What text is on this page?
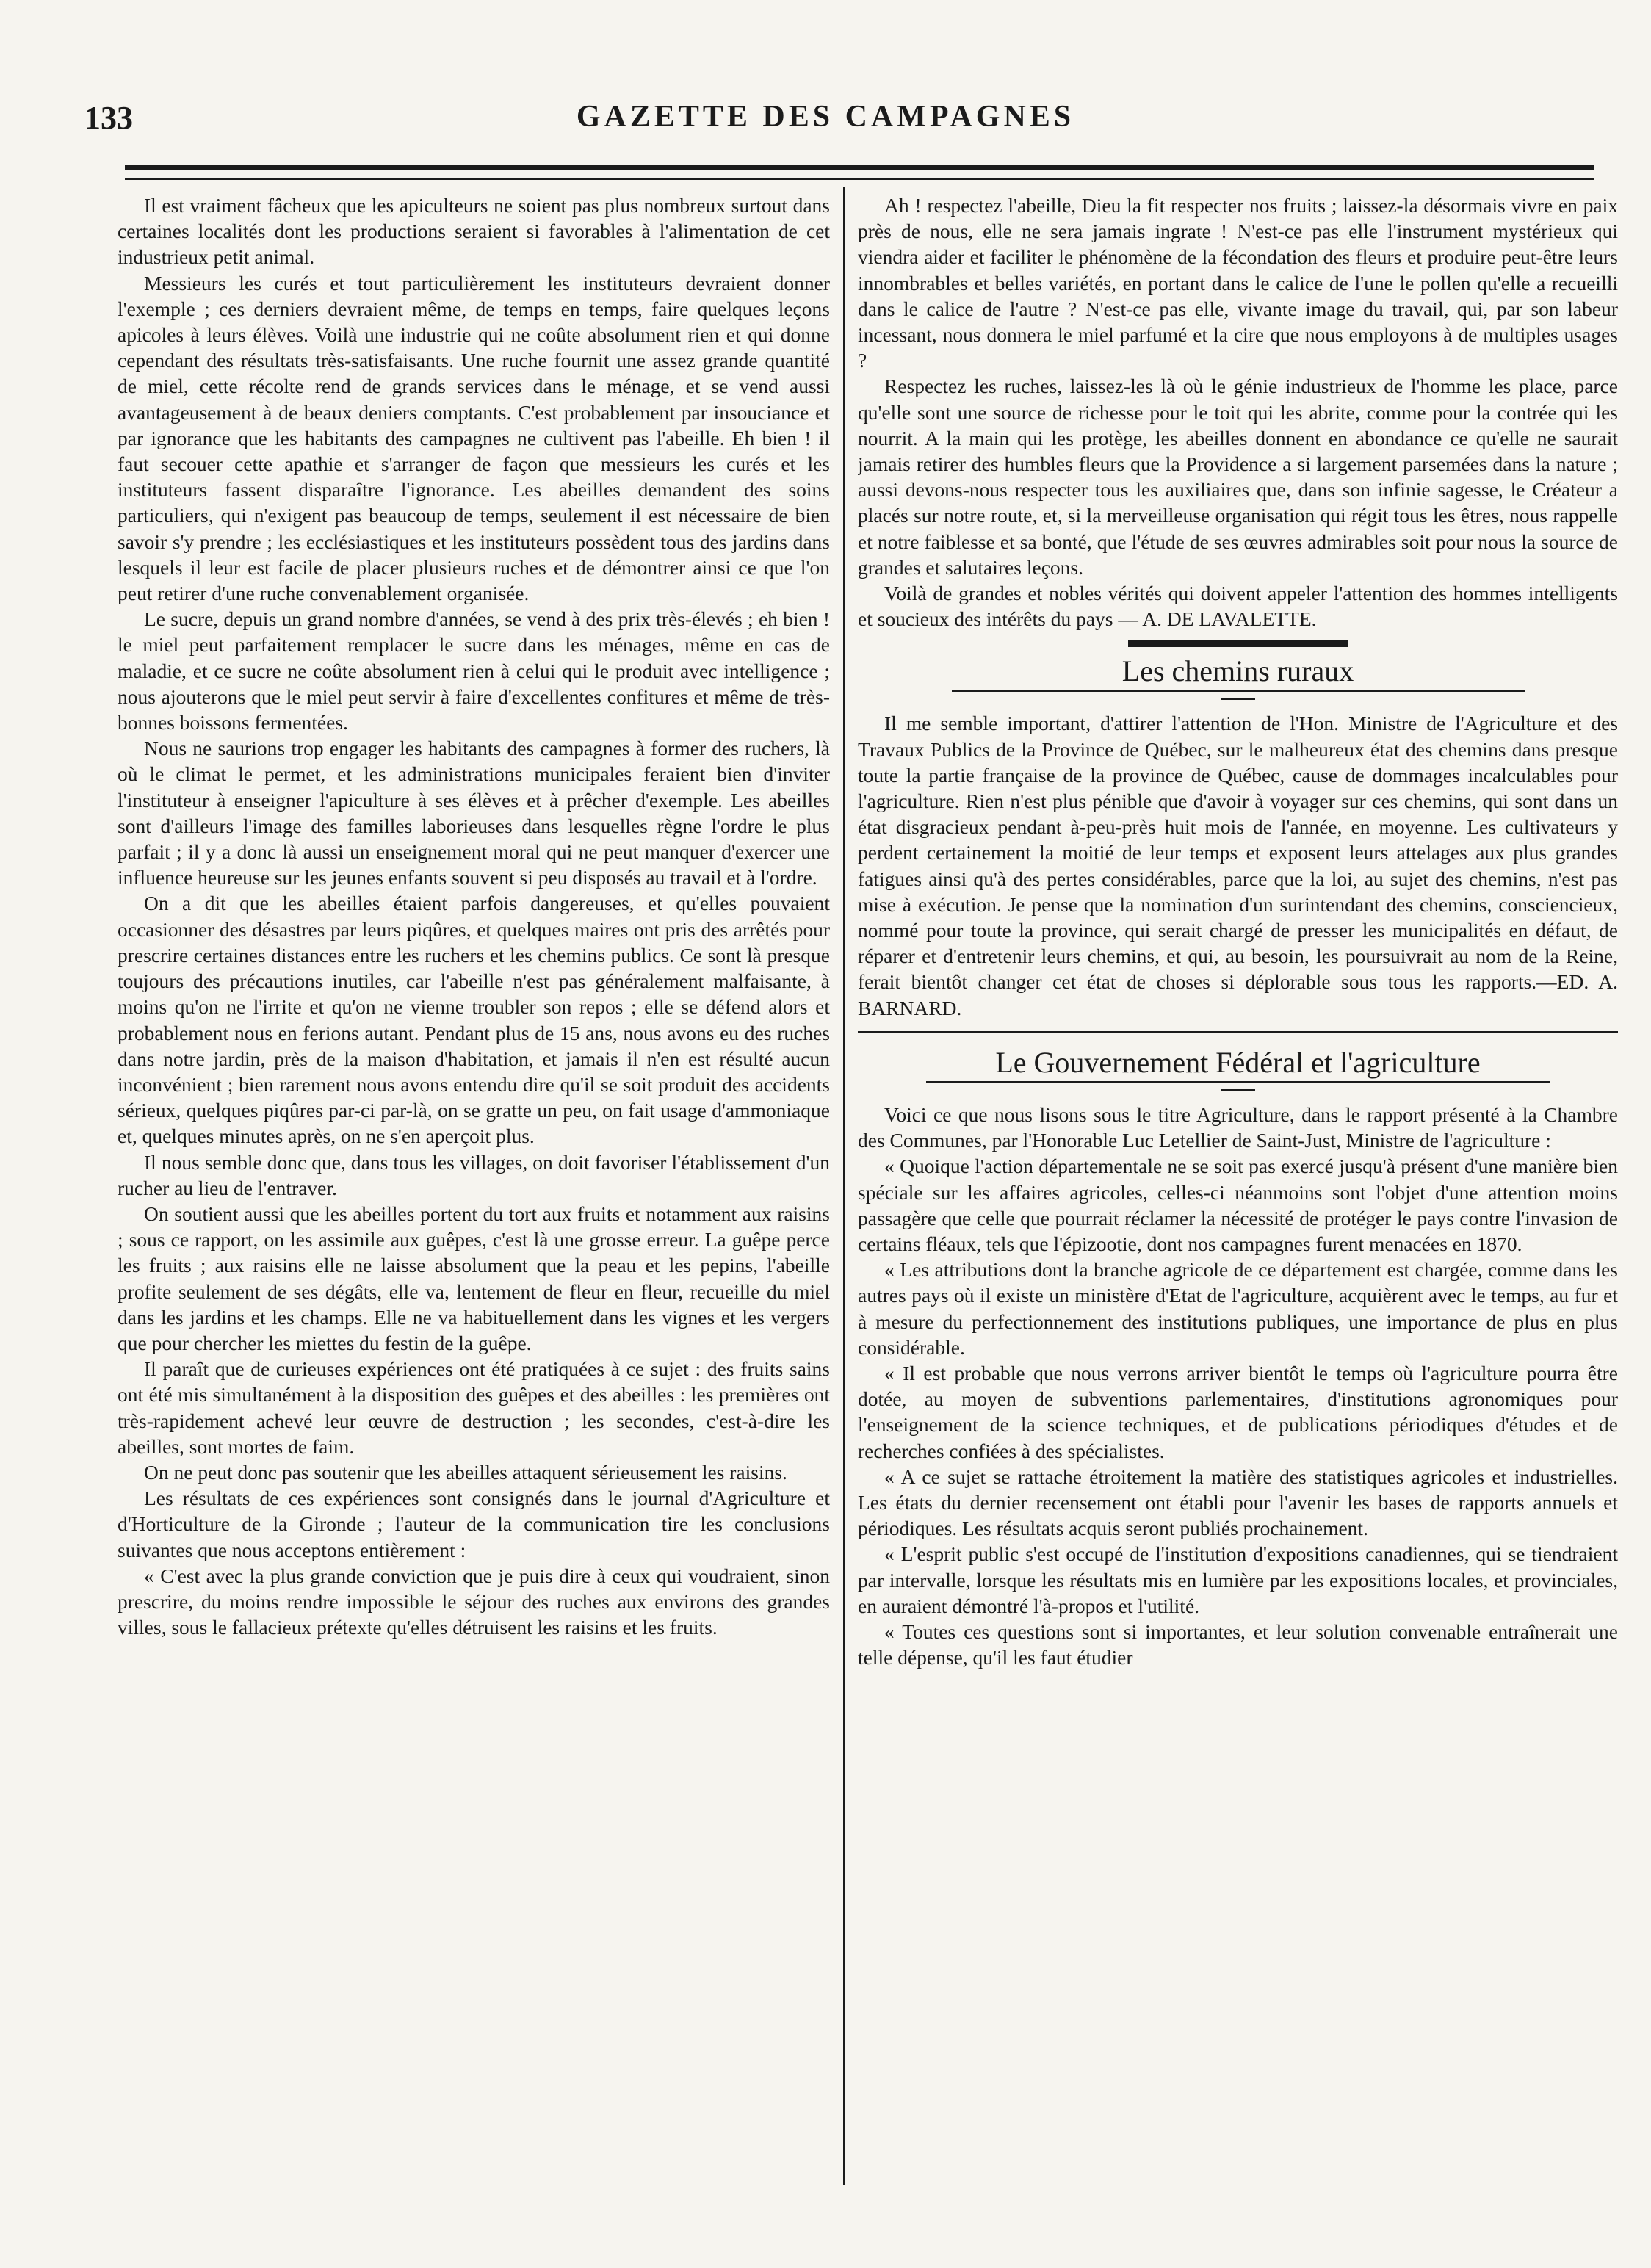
133	GAZETTE DES CAMPAGNES

Il est vraiment fâcheux que les apiculteurs ne soient pas plus nombreux surtout dans certaines localités dont les productions seraient si favorables à l'alimentation de cet industrieux petit animal.

Messieurs les curés et tout particulièrement les instituteurs devraient donner l'exemple ; ces derniers devraient même, de temps en temps, faire quelques leçons apicoles à leurs élèves. Voilà une industrie qui ne coûte absolument rien et qui donne cependant des résultats très-satisfaisants. Une ruche fournit une assez grande quantité de miel, cette récolte rend de grands services dans le ménage, et se vend aussi avantageusement à de beaux deniers comptants. C'est probablement par insouciance et par ignorance que les habitants des campagnes ne cultivent pas l'abeille. Eh bien ! il faut secouer cette apathie et s'arranger de façon que messieurs les curés et les instituteurs fassent disparaître l'ignorance. Les abeilles demandent des soins particuliers, qui n'exigent pas beaucoup de temps, seulement il est nécessaire de bien savoir s'y prendre ; les ecclésiastiques et les instituteurs possèdent tous des jardins dans lesquels il leur est facile de placer plusieurs ruches et de démontrer ainsi ce que l'on peut retirer d'une ruche convenablement organisée.

Le sucre, depuis un grand nombre d'années, se vend à des prix très-élevés ; eh bien ! le miel peut parfaitement remplacer le sucre dans les ménages, même en cas de maladie, et ce sucre ne coûte absolument rien à celui qui le produit avec intelligence ; nous ajouterons que le miel peut servir à faire d'excellentes confitures et même de très-bonnes boissons fermentées.

Nous ne saurions trop engager les habitants des campagnes à former des ruchers, là où le climat le permet, et les administrations municipales feraient bien d'inviter l'instituteur à enseigner l'apiculture à ses élèves et à prêcher d'exemple. Les abeilles sont d'ailleurs l'image des familles laborieuses dans lesquelles règne l'ordre le plus parfait ; il y a donc là aussi un enseignement moral qui ne peut manquer d'exercer une influence heureuse sur les jeunes enfants souvent si peu disposés au travail et à l'ordre.

On a dit que les abeilles étaient parfois dangereuses, et qu'elles pouvaient occasionner des désastres par leurs piqûres, et quelques maires ont pris des arrêtés pour prescrire certaines distances entre les ruchers et les chemins publics. Ce sont là presque toujours des précautions inutiles, car l'abeille n'est pas généralement malfaisante, à moins qu'on ne l'irrite et qu'on ne vienne troubler son repos ; elle se défend alors et probablement nous en ferions autant. Pendant plus de 15 ans, nous avons eu des ruches dans notre jardin, près de la maison d'habitation, et jamais il n'en est résulté aucun inconvénient ; bien rarement nous avons entendu dire qu'il se soit produit des accidents sérieux, quelques piqûres par-ci par-là, on se gratte un peu, on fait usage d'ammoniaque et, quelques minutes après, on ne s'en aperçoit plus.

Il nous semble donc que, dans tous les villages, on doit favoriser l'établissement d'un rucher au lieu de l'entraver.

On soutient aussi que les abeilles portent du tort aux fruits et notamment aux raisins ; sous ce rapport, on les assimile aux guêpes, c'est là une grosse erreur. La guêpe perce les fruits ; aux raisins elle ne laisse absolument que la peau et les pepins, l'abeille profite seulement de ses dégâts, elle va, lentement de fleur en fleur, recueille du miel dans les jardins et les champs. Elle ne va habituellement dans les vignes et les vergers que pour chercher les miettes du festin de la guêpe.

Il paraît que de curieuses expériences ont été pratiquées à ce sujet : des fruits sains ont été mis simultanément à la disposition des guêpes et des abeilles : les premières ont très-rapidement achevé leur œuvre de destruction ; les secondes, c'est-à-dire les abeilles, sont mortes de faim.

On ne peut donc pas soutenir que les abeilles attaquent sérieusement les raisins.

Les résultats de ces expériences sont consignés dans le journal d'Agriculture et d'Horticulture de la Gironde ; l'auteur de la communication tire les conclusions suivantes que nous acceptons entièrement :

« C'est avec la plus grande conviction que je puis dire à ceux qui voudraient, sinon prescrire, du moins rendre impossible le séjour des ruches aux environs des grandes villes, sous le fallacieux prétexte qu'elles détruisent les raisins et les fruits.

Ah ! respectez l'abeille, Dieu la fit respecter nos fruits ; laissez-la désormais vivre en paix près de nous, elle ne sera jamais ingrate ! N'est-ce pas elle l'instrument mystérieux qui viendra aider et faciliter le phénomène de la fécondation des fleurs et produire peut-être leurs innombrables et belles variétés, en portant dans le calice de l'une le pollen qu'elle a recueilli dans le calice de l'autre ? N'est-ce pas elle, vivante image du travail, qui, par son labeur incessant, nous donnera le miel parfumé et la cire que nous employons à de multiples usages ?

Respectez les ruches, laissez-les là où le génie industrieux de l'homme les place, parce qu'elle sont une source de richesse pour le toit qui les abrite, comme pour la contrée qui les nourrit. A la main qui les protège, les abeilles donnent en abondance ce qu'elle ne saurait jamais retirer des humbles fleurs que la Providence a si largement parsemées dans la nature ; aussi devons-nous respecter tous les auxiliaires que, dans son infinie sagesse, le Créateur a placés sur notre route, et, si la merveilleuse organisation qui régit tous les êtres, nous rappelle et notre faiblesse et sa bonté, que l'étude de ses œuvres admirables soit pour nous la source de grandes et salutaires leçons.

Voilà de grandes et nobles vérités qui doivent appeler l'attention des hommes intelligents et soucieux des intérêts du pays — A. DE LAVALETTE.

Les chemins ruraux

Il me semble important, d'attirer l'attention de l'Hon. Ministre de l'Agriculture et des Travaux Publics de la Province de Québec, sur le malheureux état des chemins dans presque toute la partie française de la province de Québec, cause de dommages incalculables pour l'agriculture. Rien n'est plus pénible que d'avoir à voyager sur ces chemins, qui sont dans un état disgracieux pendant à-peu-près huit mois de l'année, en moyenne. Les cultivateurs y perdent certainement la moitié de leur temps et exposent leurs attelages aux plus grandes fatigues ainsi qu'à des pertes considérables, parce que la loi, au sujet des chemins, n'est pas mise à exécution. Je pense que la nomination d'un surintendant des chemins, consciencieux, nommé pour toute la province, qui serait chargé de presser les municipalités en défaut, de réparer et d'entretenir leurs chemins, et qui, au besoin, les poursuivrait au nom de la Reine, ferait bientôt changer cet état de choses si déplorable sous tous les rapports.—ED. A. BARNARD.

Le Gouvernement Fédéral et l'agriculture

Voici ce que nous lisons sous le titre Agriculture, dans le rapport présenté à la Chambre des Communes, par l'Honorable Luc Letellier de Saint-Just, Ministre de l'agriculture :

« Quoique l'action départementale ne se soit pas exercé jusqu'à présent d'une manière bien spéciale sur les affaires agricoles, celles-ci néanmoins sont l'objet d'une attention moins passagère que celle que pourrait réclamer la nécessité de protéger le pays contre l'invasion de certains fléaux, tels que l'épizootie, dont nos campagnes furent menacées en 1870.

« Les attributions dont la branche agricole de ce département est chargée, comme dans les autres pays où il existe un ministère d'Etat de l'agriculture, acquièrent avec le temps, au fur et à mesure du perfectionnement des institutions publiques, une importance de plus en plus considérable.

« Il est probable que nous verrons arriver bientôt le temps où l'agriculture pourra être dotée, au moyen de subventions parlementaires, d'institutions agronomiques pour l'enseignement de la science techniques, et de publications périodiques d'études et de recherches confiées à des spécialistes.

« A ce sujet se rattache étroitement la matière des statistiques agricoles et industrielles. Les états du dernier recensement ont établi pour l'avenir les bases de rapports annuels et périodiques. Les résultats acquis seront publiés prochainement.

« L'esprit public s'est occupé de l'institution d'expositions canadiennes, qui se tiendraient par intervalle, lorsque les résultats mis en lumière par les expositions locales, et provinciales, en auraient démontré l'à-propos et l'utilité.

« Toutes ces questions sont si importantes, et leur solution convenable entraînerait une telle dépense, qu'il les faut étudier
